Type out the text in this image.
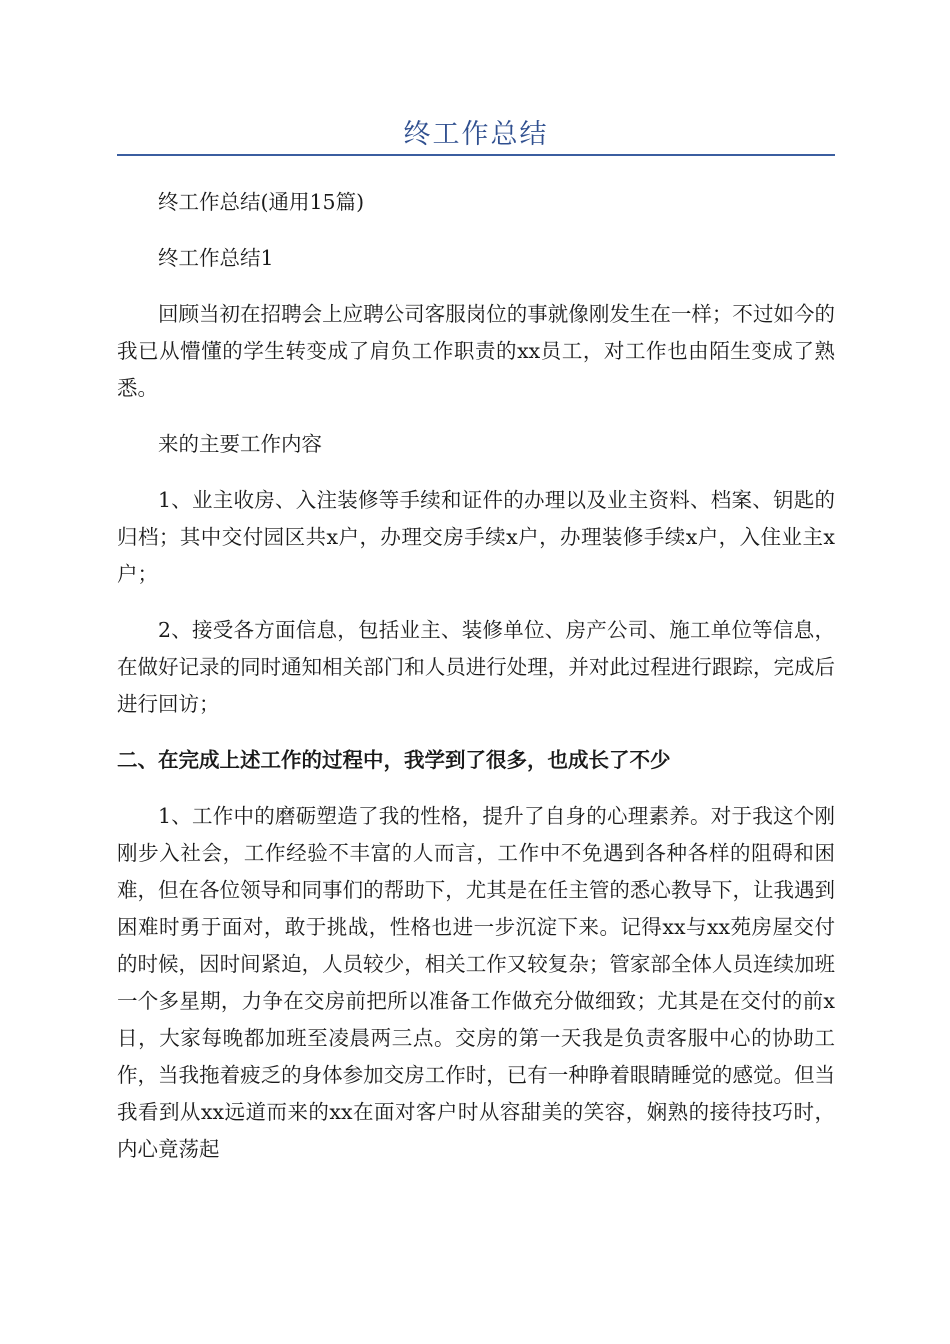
终工作总结

终工作总结(通用15篇)

终工作总结1

回顾当初在招聘会上应聘公司客服岗位的事就像刚发生在一样；不过如今的我已从懵懂的学生转变成了肩负工作职责的xx员工，对工作也由陌生变成了熟悉。

来的主要工作内容

1、业主收房、入注装修等手续和证件的办理以及业主资料、档案、钥匙的归档；其中交付园区共x户，办理交房手续x户，办理装修手续x户，入住业主x户；

2、接受各方面信息，包括业主、装修单位、房产公司、施工单位等信息，在做好记录的同时通知相关部门和人员进行处理，并对此过程进行跟踪，完成后进行回访；

二、在完成上述工作的过程中，我学到了很多，也成长了不少

1、工作中的磨砺塑造了我的性格，提升了自身的心理素养。对于我这个刚刚步入社会，工作经验不丰富的人而言，工作中不免遇到各种各样的阻碍和困难，但在各位领导和同事们的帮助下，尤其是在任主管的悉心教导下，让我遇到困难时勇于面对，敢于挑战，性格也进一步沉淀下来。记得xx与xx苑房屋交付的时候，因时间紧迫，人员较少，相关工作又较复杂；管家部全体人员连续加班一个多星期，力争在交房前把所以准备工作做充分做细致；尤其是在交付的前x日，大家每晚都加班至凌晨两三点。交房的第一天我是负责客服中心的协助工作，当我拖着疲乏的身体参加交房工作时，已有一种睁着眼睛睡觉的感觉。但当我看到从xx远道而来的xx在面对客户时从容甜美的笑容，娴熟的接待技巧时，内心竟荡起
